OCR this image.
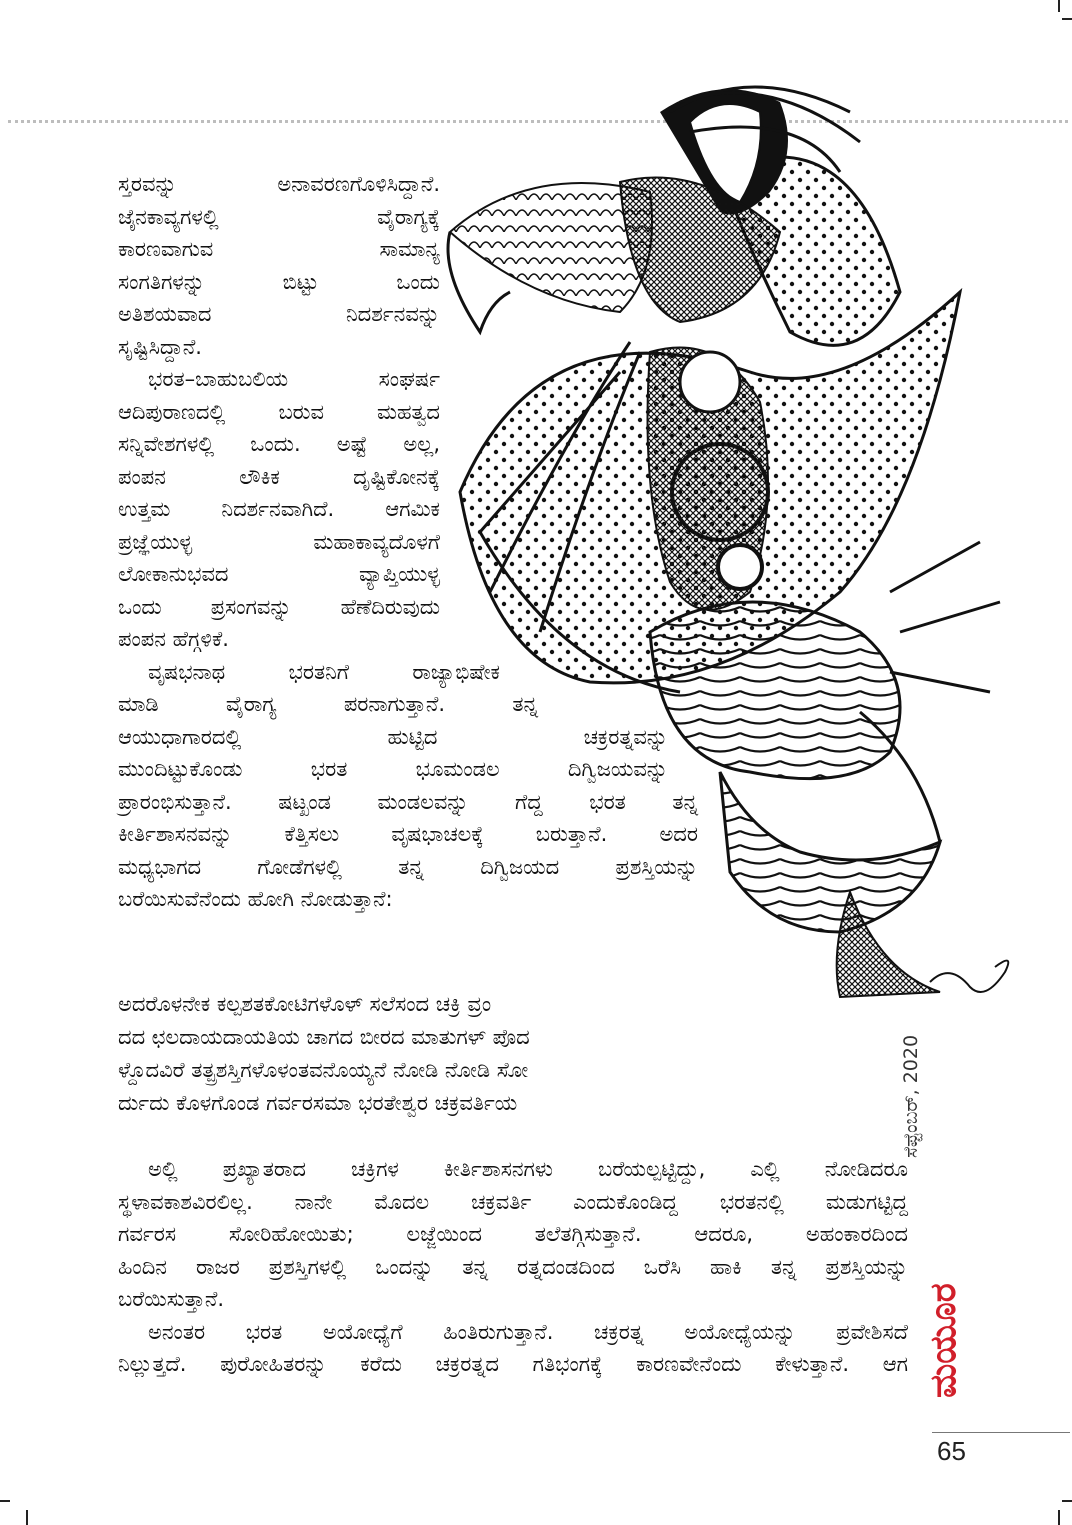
ಸ್ತರವನ್ನು ಅನಾವರಣಗೊಳಿಸಿದ್ದಾನೆ.
ಜೈನಕಾವ್ಯಗಳಲ್ಲಿ ವೈರಾಗ್ಯಕ್ಕೆ
ಕಾರಣವಾಗುವ ಸಾಮಾನ್ಯ
ಸಂಗತಿಗಳನ್ನು ಬಿಟ್ಟು ಒಂದು
ಅತಿಶಯವಾದ ನಿದರ್ಶನವನ್ನು
ಸೃಷ್ಟಿಸಿದ್ದಾನೆ.
ಭರತ–ಬಾಹುಬಲಿಯ ಸಂಘರ್ಷ
ಆದಿಪುರಾಣದಲ್ಲಿ ಬರುವ ಮಹತ್ವದ
ಸನ್ನಿವೇಶಗಳಲ್ಲಿ ಒಂದು. ಅಷ್ಟೆ ಅಲ್ಲ,
ಪಂಪನ ಲೌಕಿಕ ದೃಷ್ಟಿಕೋನಕ್ಕೆ
ಉತ್ತಮ ನಿದರ್ಶನವಾಗಿದೆ. ಆಗಮಿಕ
ಪ್ರಜ್ಞೆಯುಳ್ಳ ಮಹಾಕಾವ್ಯದೊಳಗೆ
ಲೋಕಾನುಭವದ ವ್ಯಾಪ್ತಿಯುಳ್ಳ
ಒಂದು ಪ್ರಸಂಗವನ್ನು ಹೆಣೆದಿರುವುದು
ಪಂಪನ ಹೆಗ್ಗಳಿಕೆ.
ವೃಷಭನಾಥ ಭರತನಿಗೆ ರಾಜ್ಯಾಭಿಷೇಕ
ಮಾಡಿ ವೈರಾಗ್ಯ ಪರನಾಗುತ್ತಾನೆ. ತನ್ನ
ಆಯುಧಾಗಾರದಲ್ಲಿ ಹುಟ್ಟಿದ ಚಕ್ರರತ್ನವನ್ನು
ಮುಂದಿಟ್ಟುಕೊಂಡು ಭರತ ಭೂಮಂಡಲ ದಿಗ್ವಿಜಯವನ್ನು
ಪ್ರಾರಂಭಿಸುತ್ತಾನೆ. ಷಟ್ಖಂಡ ಮಂಡಲವನ್ನು ಗೆದ್ದ ಭರತ ತನ್ನ
ಕೀರ್ತಿಶಾಸನವನ್ನು ಕೆತ್ತಿಸಲು ವೃಷಭಾಚಲಕ್ಕೆ ಬರುತ್ತಾನೆ. ಅದರ
ಮಧ್ಯಭಾಗದ ಗೋಡೆಗಳಲ್ಲಿ ತನ್ನ ದಿಗ್ವಿಜಯದ ಪ್ರಶಸ್ತಿಯನ್ನು
ಬರೆಯಿಸುವೆನೆಂದು ಹೋಗಿ ನೋಡುತ್ತಾನೆ:
ಅದರೊಳನೇಕ ಕಲ್ಪಶತಕೋಟಿಗಳೊಳ್ ಸಲೆಸಂದ ಚಕ್ರಿ ವ್ರಂ
ದದ ಛಲದಾಯದಾಯತಿಯ ಚಾಗದ ಬೀರದ ಮಾತುಗಳ್ ಪೊದ
ಳ್ದೊದವಿರೆ ತತ್ಪ್ರಶಸ್ತಿಗಳೊಳಂತವನೊಯ್ಯನೆ ನೋಡಿ ನೋಡಿ ಸೋ
ರ್ದುದು ಕೊಳಗೊಂಡ ಗರ್ವರಸಮಾ ಭರತೇಶ್ವರ ಚಕ್ರವರ್ತಿಯ
ಅಲ್ಲಿ ಪ್ರಖ್ಯಾತರಾದ ಚಕ್ರಿಗಳ ಕೀರ್ತಿಶಾಸನಗಳು ಬರೆಯಲ್ಪಟ್ಟಿದ್ದು, ಎಲ್ಲಿ ನೋಡಿದರೂ
ಸ್ಥಳಾವಕಾಶವಿರಲಿಲ್ಲ. ನಾನೇ ಮೊದಲ ಚಕ್ರವರ್ತಿ ಎಂದುಕೊಂಡಿದ್ದ ಭರತನಲ್ಲಿ ಮಡುಗಟ್ಟಿದ್ದ
ಗರ್ವರಸ ಸೋರಿಹೋಯಿತು; ಲಜ್ಜೆಯಿಂದ ತಲೆತಗ್ಗಿಸುತ್ತಾನೆ. ಆದರೂ, ಅಹಂಕಾರದಿಂದ
ಹಿಂದಿನ ರಾಜರ ಪ್ರಶಸ್ತಿಗಳಲ್ಲಿ ಒಂದನ್ನು ತನ್ನ ರತ್ನದಂಡದಿಂದ ಒರೆಸಿ ಹಾಕಿ ತನ್ನ ಪ್ರಶಸ್ತಿಯನ್ನು
ಬರೆಯಿಸುತ್ತಾನೆ.
ಅನಂತರ ಭರತ ಅಯೋಧ್ಯೆಗೆ ಹಿಂತಿರುಗುತ್ತಾನೆ. ಚಕ್ರರತ್ನ ಅಯೋಧ್ಯೆಯನ್ನು ಪ್ರವೇಶಿಸದೆ
ನಿಲ್ಲುತ್ತದೆ. ಪುರೋಹಿತರನ್ನು ಕರೆದು ಚಕ್ರರತ್ನದ ಗತಿಭಂಗಕ್ಕೆ ಕಾರಣವೇನೆಂದು ಕೇಳುತ್ತಾನೆ. ಆಗ
ಸೆಪ್ಟೆಂಬರ್, 2020
ಮಯೂರ
65
